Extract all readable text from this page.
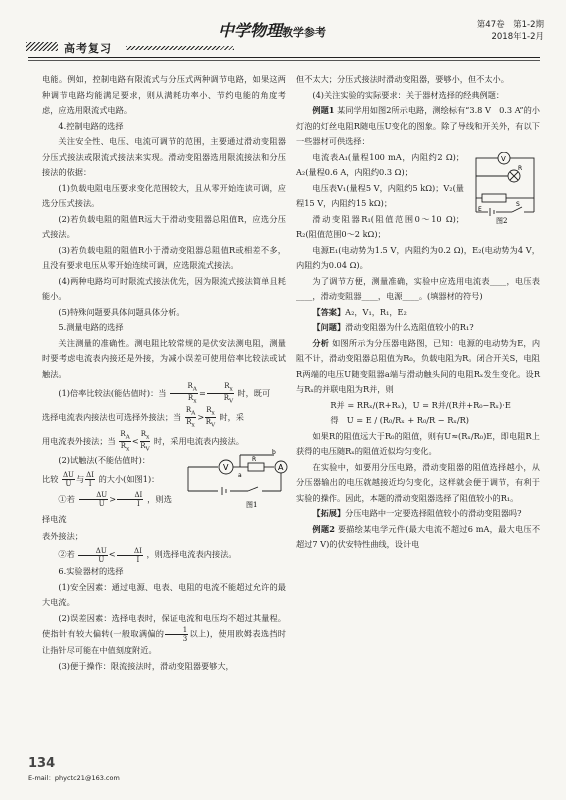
高考复习
中学物理教学参考
第47卷　第1-2期
2018年1-2月

电能。例如，控制电路有限流式与分压式两种调节电路，如果这两种调节电路均能满足要求，则从满耗功率小、节约电能的角度考虑，应选用限流式电路。

4.控制电路的选择

关注安全性、电压、电流可调节的范围，主要通过滑动变阻器分压式接法或限流式接法来实现。滑动变阻器选用限流接法和分压接法的依据：

(1)负载电阻电压要求变化范围较大，且从零开始连读可调，应选分压式接法。

(2)若负载电阻的阻值R远大于滑动变阻器总阻值R，应选分压式接法。

(3)若负载电阻的阻值R小于滑动变阻器总阻值R或相差不多，且没有要求电压从零开始连续可调，应选限流式接法。

(4)两种电路均可时限流式接法优先，因为限流式接法简单且耗能小。

(5)特殊问题要具体问题具体分析。

5.测量电路的选择

关注测量的准确性。测电阻比较常规的是伏安法测电阻，测量时要考虑电流表内接还是外接，为减小误差可使用倍率比较法或试触法。

(1)倍率比较法(能估值时)：当 $\frac{R_A}{R_x} = \frac{R_x}{R_V}$ 时，既可

选择电流表内接法也可选择外接法；当 $\frac{R_A}{R_x} > \frac{R_x}{R_V}$ 时，采

用电流表外接法；当 $\frac{R_A}{R_x} < \frac{R_x}{R_V}$ 时，采用电流表内接法。

(2)试触法(不能估值时)：

比较 $\frac{\Delta U}{U}$ 与 $\frac{\Delta I}{I}$ 的大小(如图1)：

①若 $\frac{\Delta U}{U} > \frac{\Delta I}{I}$ ，则选择电流

V	A
R
b
a
图1

表外接法；

②若 $\frac{\Delta U}{U} < \frac{\Delta I}{I}$ ，则选择电流表内接法。

6.实验器材的选择

(1)安全因素：通过电源、电表、电阻的电流不能超过允许的最大电流。

(2)误差因素：选择电表时，保证电流和电压均不超过其量程。使指针有较大偏转(一般取满偏的 $\frac{1}{3}$ 以上)，使用欧姆表选挡时让指针尽可能在中值刻度附近。

(3)便于操作：限流接法时，滑动变阻器要够大，

但不太大；分压式接法时滑动变阻器，要够小，但不太小。

(4)关注实验的实际要求：关于器材选择的经典例题：

例题1 某同学用如图2所示电路，测绘标有“3.8 V　0.3 A”的小灯泡的灯丝电阻R随电压U变化的图象。除了导线和开关外，有以下一些器材可供选择：

V
E
S
R
图2

电流表A₁(量程100 mA，内阻约2 Ω)；A₂(量程0.6 A，内阻约0.3 Ω)；

电压表V₁(量程5 V，内阻约5 kΩ)；V₂(量程15 V，内阻约15 kΩ)；

滑动变阻器R₁(阻值范围0～10 Ω)；R₂(阻值范围0～2 kΩ)；

电源E₁(电动势为1.5 V，内阻约为0.2 Ω)，E₂(电动势为4 V，内阻约为0.04 Ω)。

为了调节方便，测量准确，实验中应选用电流表____，电压表____，滑动变阻器____，电源____。(填器材的符号)

【答案】A₂，V₁，R₁，E₂

【问题】滑动变阻器为什么选阻值较小的R₁?

分析 如图所示为分压器电路图，已知：电源的电动势为E，内阻不计，滑动变阻器总阻值为R₀，负载电阻为R。闭合开关S，电阻R两端的电压U随变阻器a端与滑动触头间的电阻Rₓ发生变化。设R与Rₓ的并联电阻为R并，则

R并 = RRₓ/(R+Rₓ)，U = R并/(R并+R₀−Rₓ)·E

得　 U = E / (R₀/Rₓ + R₀/R − Rₓ/R)

如果R的阻值远大于R₀的阻值，则有U≈(Rₓ/R₀)E，即电阻R上获得的电压随Rₓ的阻值近似均匀变化。

在实验中，如要用分压电路，滑动变阻器的阻值选择越小，从分压器输出的电压就越接近均匀变化，这样就会便于调节，有利于实验的操作。因此，本题的滑动变阻器选择了阻值较小的R₁。

【拓展】分压电路中一定要选择阻值较小的滑动变阻器吗?

例题2 要描绘某电学元件(最大电流不超过6 mA，最大电压不超过7 V)的伏安特性曲线，设计电

134
E-mail：phyctc21@163.com
